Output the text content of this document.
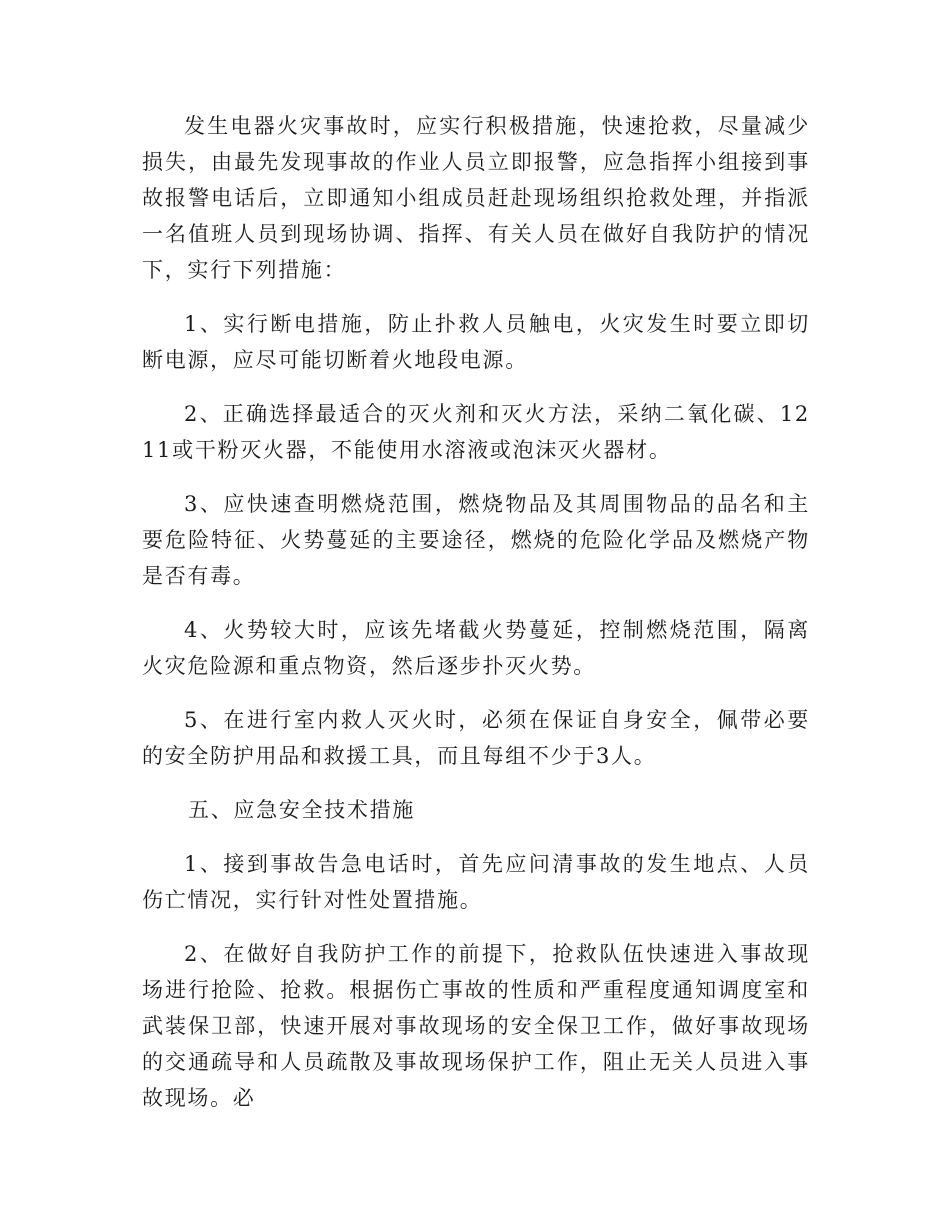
发生电器火灾事故时，应实行积极措施，快速抢救，尽量减少损失，由最先发现事故的作业人员立即报警，应急指挥小组接到事故报警电话后，立即通知小组成员赶赴现场组织抢救处理，并指派一名值班人员到现场协调、指挥、有关人员在做好自我防护的情况下，实行下列措施：

1、实行断电措施，防止扑救人员触电，火灾发生时要立即切断电源，应尽可能切断着火地段电源。

2、正确选择最适合的灭火剂和灭火方法，采纳二氧化碳、1211或干粉灭火器，不能使用水溶液或泡沫灭火器材。

3、应快速查明燃烧范围，燃烧物品及其周围物品的品名和主要危险特征、火势蔓延的主要途径，燃烧的危险化学品及燃烧产物是否有毒。

4、火势较大时，应该先堵截火势蔓延，控制燃烧范围，隔离火灾危险源和重点物资，然后逐步扑灭火势。

5、在进行室内救人灭火时，必须在保证自身安全，佩带必要的安全防护用品和救援工具，而且每组不少于3人。

五、应急安全技术措施

1、接到事故告急电话时，首先应问清事故的发生地点、人员伤亡情况，实行针对性处置措施。

2、在做好自我防护工作的前提下，抢救队伍快速进入事故现场进行抢险、抢救。根据伤亡事故的性质和严重程度通知调度室和武装保卫部，快速开展对事故现场的安全保卫工作，做好事故现场的交通疏导和人员疏散及事故现场保护工作，阻止无关人员进入事故现场。必
